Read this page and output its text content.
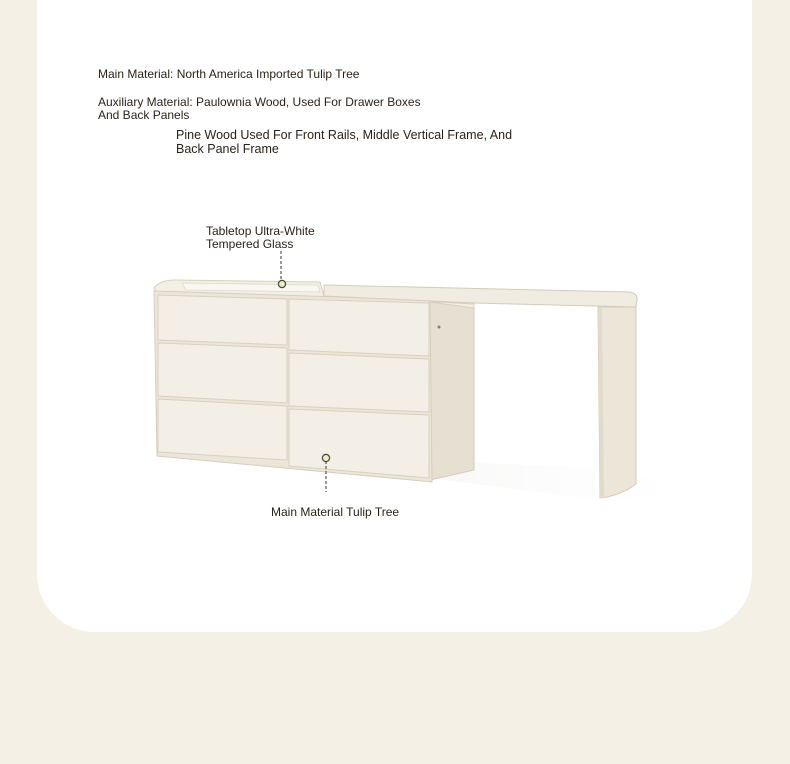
Main Material: North America Imported Tulip Tree
Auxiliary Material: Paulownia Wood, Used For Drawer Boxes
And Back Panels
Pine Wood Used For Front Rails, Middle Vertical Frame, And
Back Panel Frame
Tabletop Ultra-White
Tempered Glass
Main Material Tulip Tree
